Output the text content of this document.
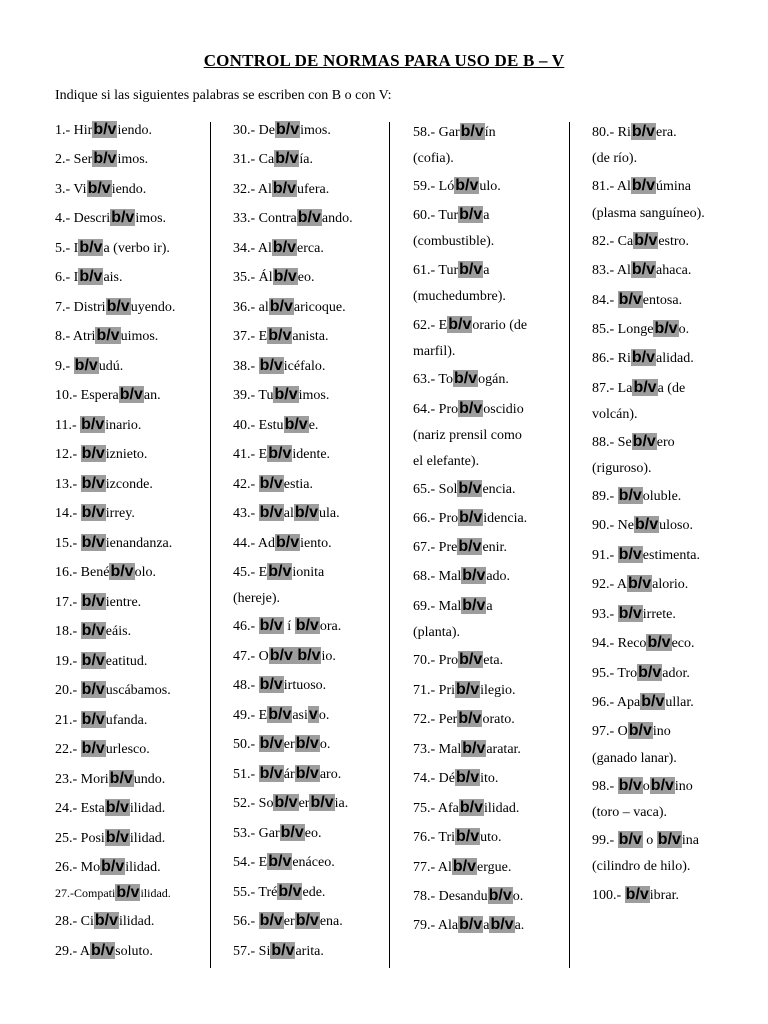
CONTROL DE NORMAS PARA USO DE B – V
Indique si las siguientes palabras se escriben con B o con V:
1.- Hirb/viendo.
2.- Serb/vimos.
3.- Vib/viendo.
4.- Describ/vimos.
5.- Ib/va (verbo ir).
6.- Ib/vais.
7.- Distrib/vuyendo.
8.- Atrib/vuimos.
9.- b/vudú.
10.- Esperab/van.
11.- b/vinario.
12.- b/viznieto.
13.- b/vizconde.
14.- b/virrey.
15.- b/vienandanza.
16.- Benéb/volo.
17.- b/vientre.
18.- b/veáis.
19.- b/veatitud.
20.- b/vuscábamos.
21.- b/vufanda.
22.- b/vurlesco.
23.- Morib/vundo.
24.- Estab/vilidad.
25.- Posib/vilidad.
26.- Mob/vilidad.
27.-Compatib/vilidad.
28.- Cib/vilidad.
29.- Ab/vsoluto.
30.- Deb/vimos.
31.- Cab/vía.
32.- Alb/vufera.
33.- Contrab/vando.
34.- Alb/verca.
35.- Álb/veo.
36.- alb/varicoque.
37.- Eb/vanista.
38.- b/vicéfalo.
39.- Tub/vimos.
40.- Estub/ve.
41.- Eb/vidente.
42.- b/vestia.
43.- b/valb/vula.
44.- Adb/viento.
45.- Eb/vionita
(hereje).
46.- b/v í b/vora.
47.- Ob/v b/vio.
48.- b/virtuoso.
49.- Eb/vasivo.
50.- b/verb/vo.
51.- b/várb/varo.
52.- Sob/verb/via.
53.- Garb/veo.
54.- Eb/venáceo.
55.- Tréb/vede.
56.- b/verb/vena.
57.- Sib/varita.
58.- Garb/vín
(cofia).
59.- Lób/vulo.
60.- Turb/va
(combustible).
61.- Turb/va
(muchedumbre).
62.- Eb/vorario (de
marfil).
63.- Tob/vogán.
64.- Prob/voscidio
(nariz prensil como
el elefante).
65.- Solb/vencia.
66.- Prob/videncia.
67.- Preb/venir.
68.- Malb/vado.
69.- Malb/va
(planta).
70.- Prob/veta.
71.- Prib/vilegio.
72.- Perb/vorato.
73.- Malb/varatar.
74.- Déb/vito.
75.- Afab/vilidad.
76.- Trib/vuto.
77.- Alb/vergue.
78.- Desandub/vo.
79.- Alab/vab/va.
80.- Rib/vera.
(de río).
81.- Alb/vúmina
(plasma sanguíneo).
82.- Cab/vestro.
83.- Alb/vahaca.
84.- b/ventosa.
85.- Longeb/vo.
86.- Rib/validad.
87.- Lab/va (de
volcán).
88.- Seb/vero
(riguroso).
89.- b/voluble.
90.- Neb/vuloso.
91.- b/vestimenta.
92.- Ab/valorio.
93.- b/virrete.
94.- Recob/veco.
95.- Trob/vador.
96.- Apab/vullar.
97.- Ob/vino
(ganado lanar).
98.- b/vob/vino
(toro – vaca).
99.- b/v o b/vina
(cilindro de hilo).
100.- b/vibrar.
